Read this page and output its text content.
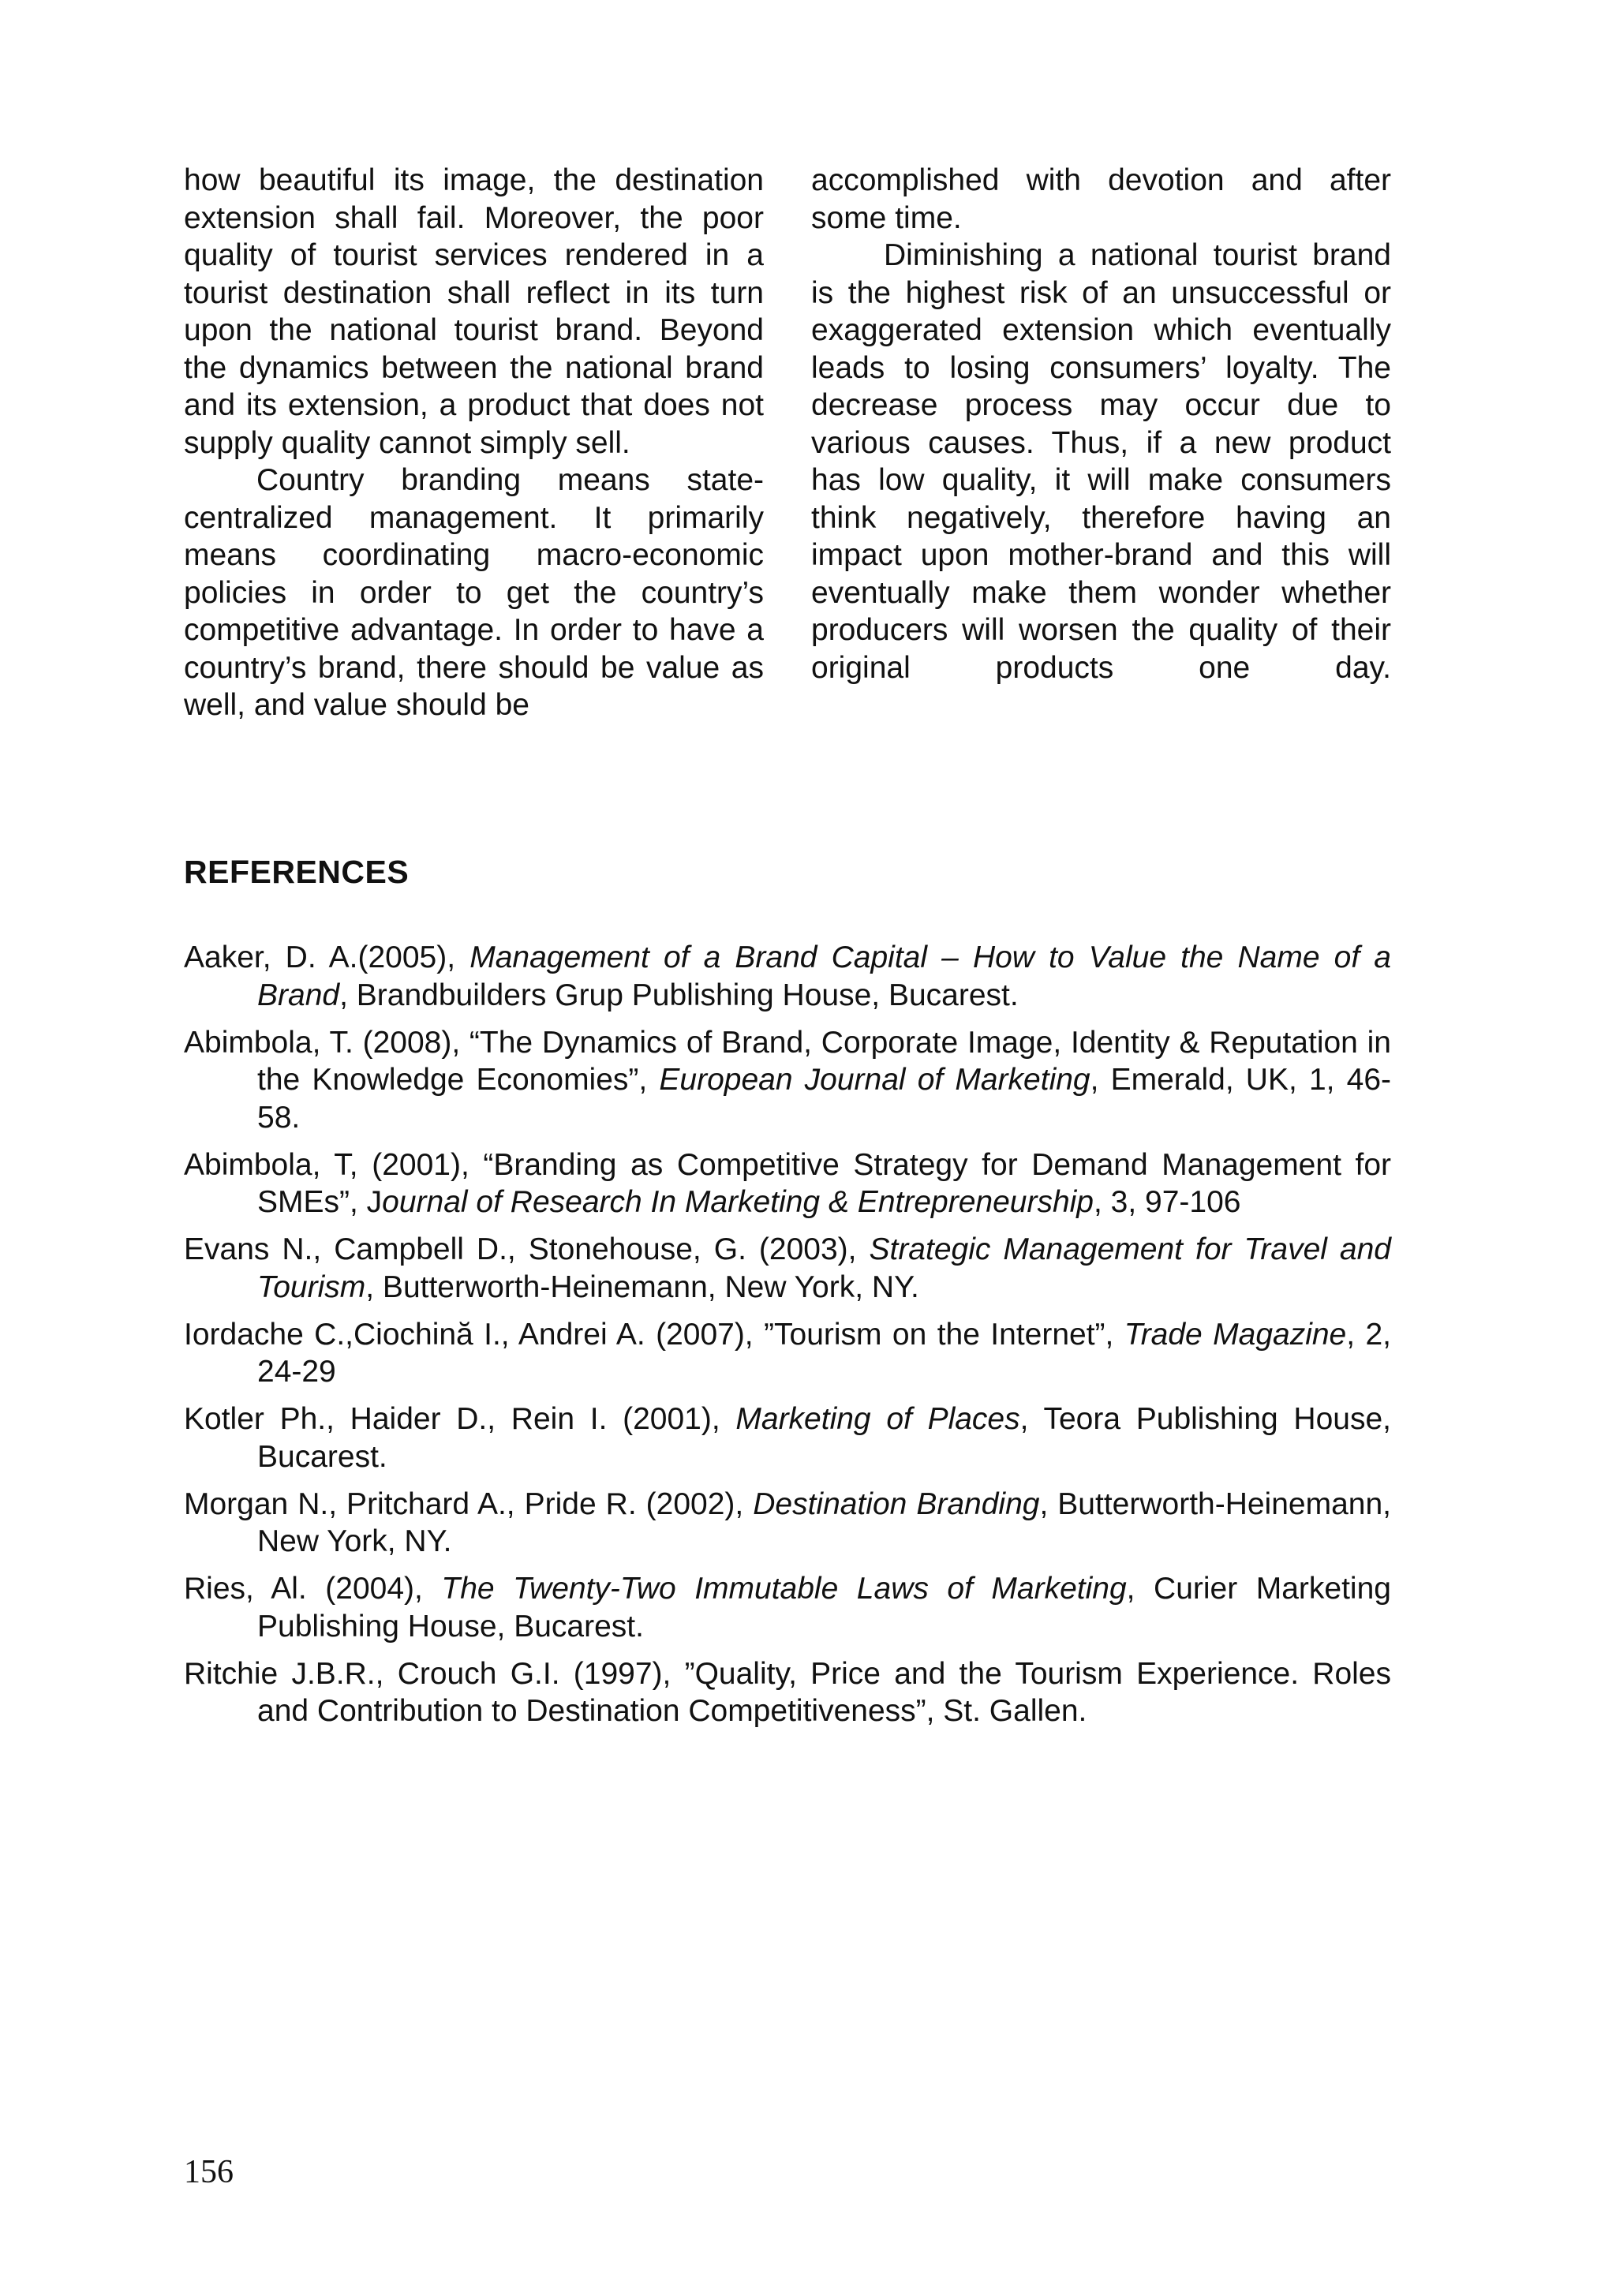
how beautiful its image, the destination extension shall fail. Moreover, the poor quality of tourist services rendered in a tourist destination shall reflect in its turn upon the national tourist brand. Beyond the dynamics between the national brand and its extension, a product that does not supply quality cannot simply sell.

Country branding means state-centralized management. It primarily means coordinating macro-economic policies in order to get the country’s competitive advantage. In order to have a country’s brand, there should be value as well, and value should be

accomplished with devotion and after some time.

Diminishing a national tourist brand is the highest risk of an unsuccessful or exaggerated extension which eventually leads to losing consumers’ loyalty. The decrease process may occur due to various causes. Thus, if a new product has low quality, it will make consumers think negatively, therefore having an impact upon mother-brand and this will eventually make them wonder whether producers will worsen the quality of their original products one day.

REFERENCES
Aaker, D. A.(2005), Management of a Brand Capital – How to Value the Name of a Brand, Brandbuilders Grup Publishing House, Bucarest.
Abimbola, T. (2008), “The Dynamics of Brand, Corporate Image, Identity & Reputation in the Knowledge Economies”, European Journal of Marketing, Emerald, UK, 1, 46-58.
Abimbola, T, (2001), “Branding as Competitive Strategy for Demand Management for SMEs”, Journal of Research In Marketing & Entrepreneurship, 3, 97-106
Evans N., Campbell D., Stonehouse, G. (2003), Strategic Management for Travel and Tourism, Butterworth-Heinemann, New York, NY.
Iordache C.,Ciochină I., Andrei A. (2007), ”Tourism on the Internet”, Trade Magazine, 2, 24-29
Kotler Ph., Haider D., Rein I. (2001), Marketing of Places, Teora Publishing House, Bucarest.
Morgan N., Pritchard A., Pride R. (2002), Destination Branding, Butterworth-Heinemann, New York, NY.
Ries, Al. (2004), The Twenty-Two Immutable Laws of Marketing, Curier Marketing Publishing House, Bucarest.
Ritchie J.B.R., Crouch G.I. (1997), ”Quality, Price and the Tourism Experience. Roles and Contribution to Destination Competitiveness”, St. Gallen.
156
